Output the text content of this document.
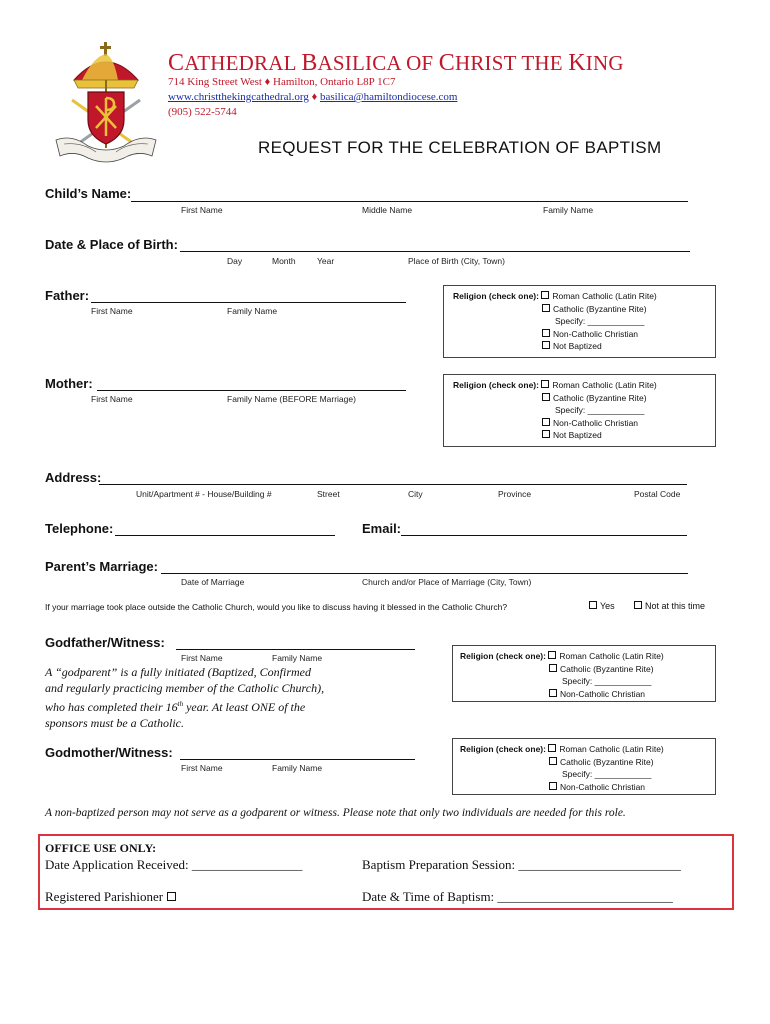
CATHEDRAL BASILICA OF CHRIST THE KING
714 King Street West ♦ Hamilton, Ontario L8P 1C7
www.christthekingcathedral.org ♦ basilica@hamiltondiocese.com
(905) 522-5744
REQUEST FOR THE CELEBRATION OF BAPTISM
Child’s Name:
First Name	Middle Name	Family Name
Date & Place of Birth:
Day	Month	Year	Place of Birth (City, Town)
Father:
First Name	Family Name
Religion (check one): Roman Catholic (Latin Rite)
Catholic (Byzantine Rite)
Specify: ____________
Non-Catholic Christian
Not Baptized
Mother:
First Name	Family Name (BEFORE Marriage)
Religion (check one): Roman Catholic (Latin Rite)
Catholic (Byzantine Rite)
Specify: ____________
Non-Catholic Christian
Not Baptized
Address:
Unit/Apartment # - House/Building #	Street	City	Province	Postal Code
Telephone:	Email:
Parent’s Marriage:
Date of Marriage	Church and/or Place of Marriage (City, Town)
If your marriage took place outside the Catholic Church, would you like to discuss having it blessed in the Catholic Church?	Yes	Not at this time
Godfather/Witness:
First Name	Family Name
A “godparent” is a fully initiated (Baptized, Confirmed
and regularly practicing member of the Catholic Church),
who has completed their 16th year. At least ONE of the
sponsors must be a Catholic.
Religion (check one): Roman Catholic (Latin Rite)
Catholic (Byzantine Rite)
Specify: ____________
Non-Catholic Christian
Godmother/Witness:
First Name	Family Name
Religion (check one): Roman Catholic (Latin Rite)
Catholic (Byzantine Rite)
Specify: ____________
Non-Catholic Christian
A non-baptized person may not serve as a godparent or witness. Please note that only two individuals are needed for this role.
OFFICE USE ONLY:
Date Application Received: _________________	Baptism Preparation Session: _________________________
Registered Parishioner	Date & Time of Baptism: ___________________________
